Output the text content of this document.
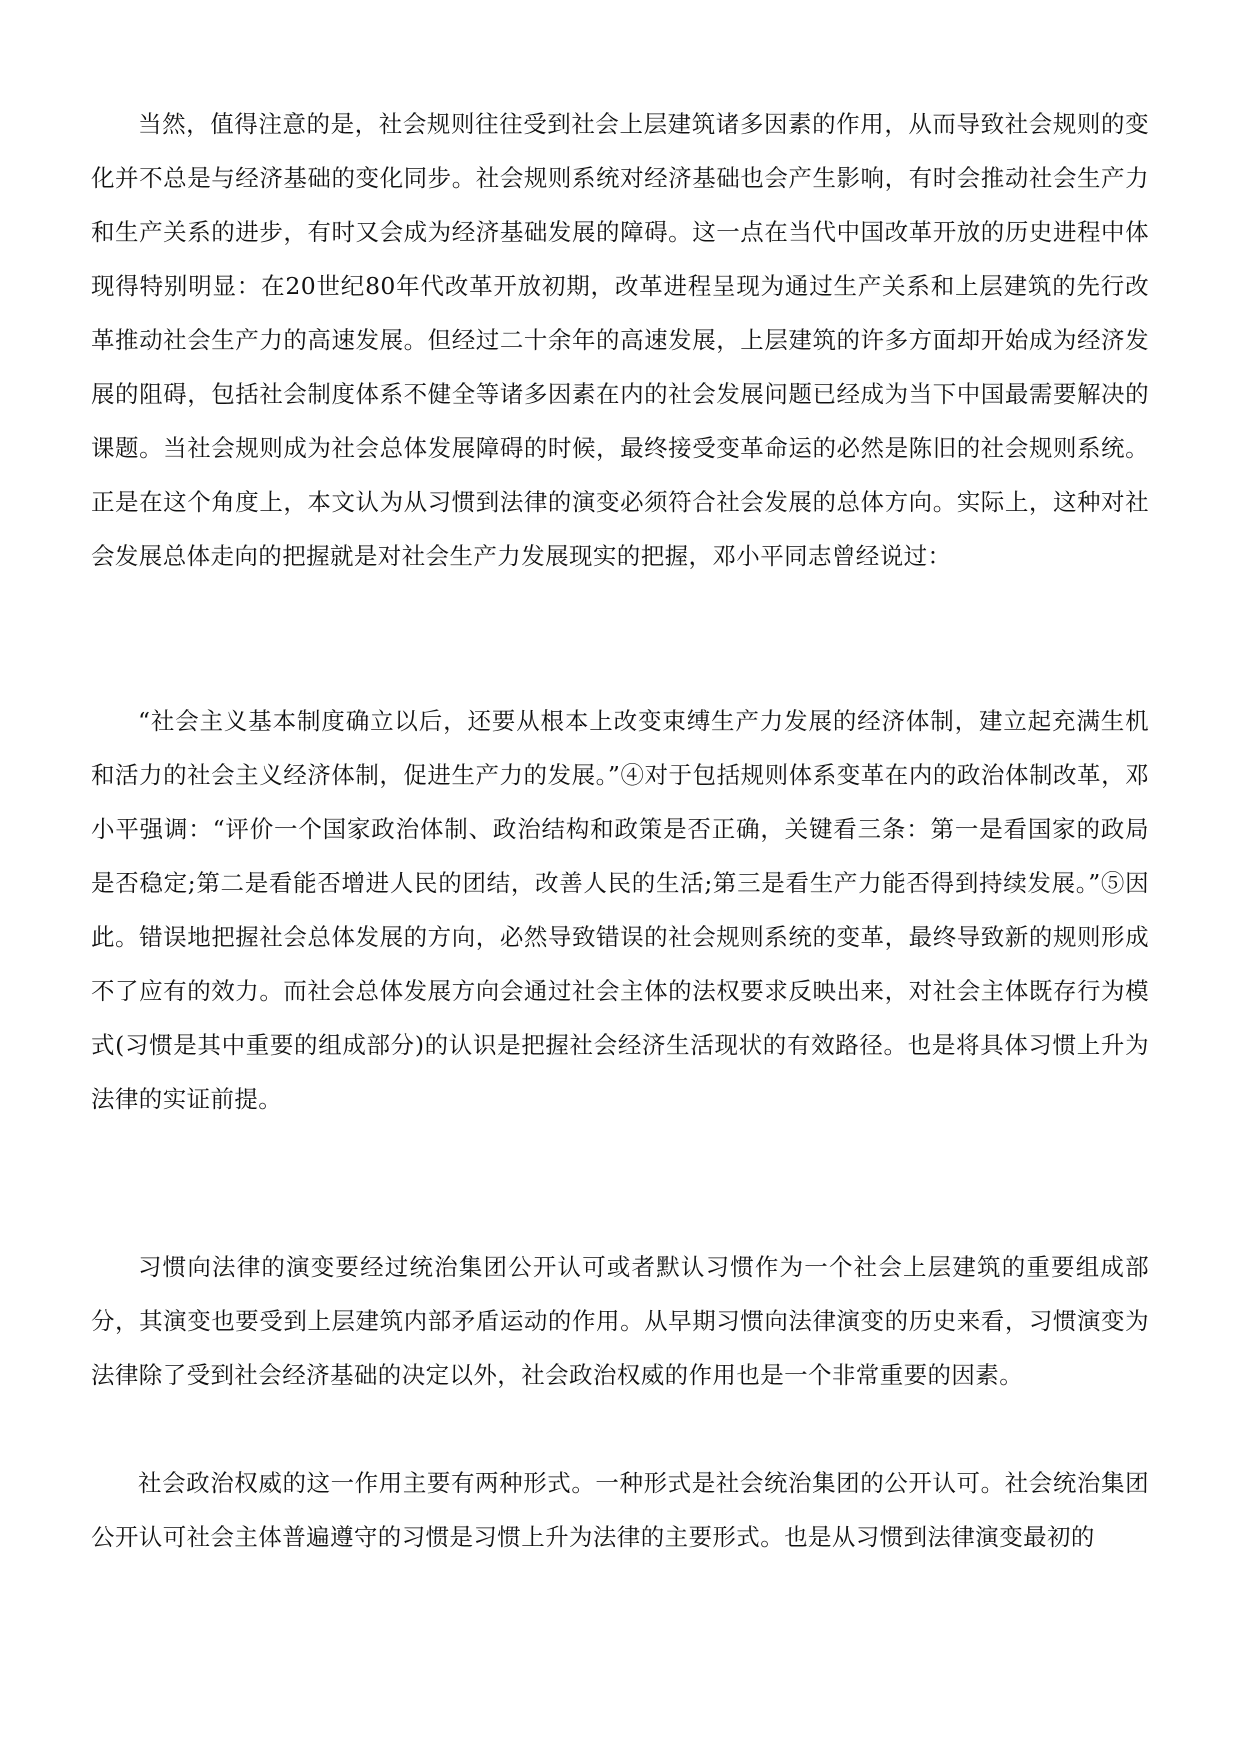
当然，值得注意的是，社会规则往往受到社会上层建筑诸多因素的作用，从而导致社会规则的变化并不总是与经济基础的变化同步。社会规则系统对经济基础也会产生影响，有时会推动社会生产力和生产关系的进步，有时又会成为经济基础发展的障碍。这一点在当代中国改革开放的历史进程中体现得特别明显：在20世纪80年代改革开放初期，改革进程呈现为通过生产关系和上层建筑的先行改革推动社会生产力的高速发展。但经过二十余年的高速发展，上层建筑的许多方面却开始成为经济发展的阻碍，包括社会制度体系不健全等诸多因素在内的社会发展问题已经成为当下中国最需要解决的课题。当社会规则成为社会总体发展障碍的时候，最终接受变革命运的必然是陈旧的社会规则系统。正是在这个角度上，本文认为从习惯到法律的演变必须符合社会发展的总体方向。实际上，这种对社会发展总体走向的把握就是对社会生产力发展现实的把握，邓小平同志曾经说过：

“社会主义基本制度确立以后，还要从根本上改变束缚生产力发展的经济体制，建立起充满生机和活力的社会主义经济体制，促进生产力的发展。”④对于包括规则体系变革在内的政治体制改革，邓小平强调：“评价一个国家政治体制、政治结构和政策是否正确，关键看三条：第一是看国家的政局是否稳定;第二是看能否增进人民的团结，改善人民的生活;第三是看生产力能否得到持续发展。”⑤因此。错误地把握社会总体发展的方向，必然导致错误的社会规则系统的变革，最终导致新的规则形成不了应有的效力。而社会总体发展方向会通过社会主体的法权要求反映出来，对社会主体既存行为模式(习惯是其中重要的组成部分)的认识是把握社会经济生活现状的有效路径。也是将具体习惯上升为法律的实证前提。

习惯向法律的演变要经过统治集团公开认可或者默认习惯作为一个社会上层建筑的重要组成部分，其演变也要受到上层建筑内部矛盾运动的作用。从早期习惯向法律演变的历史来看，习惯演变为法律除了受到社会经济基础的决定以外，社会政治权威的作用也是一个非常重要的因素。

社会政治权威的这一作用主要有两种形式。一种形式是社会统治集团的公开认可。社会统治集团公开认可社会主体普遍遵守的习惯是习惯上升为法律的主要形式。也是从习惯到法律演变最初的
